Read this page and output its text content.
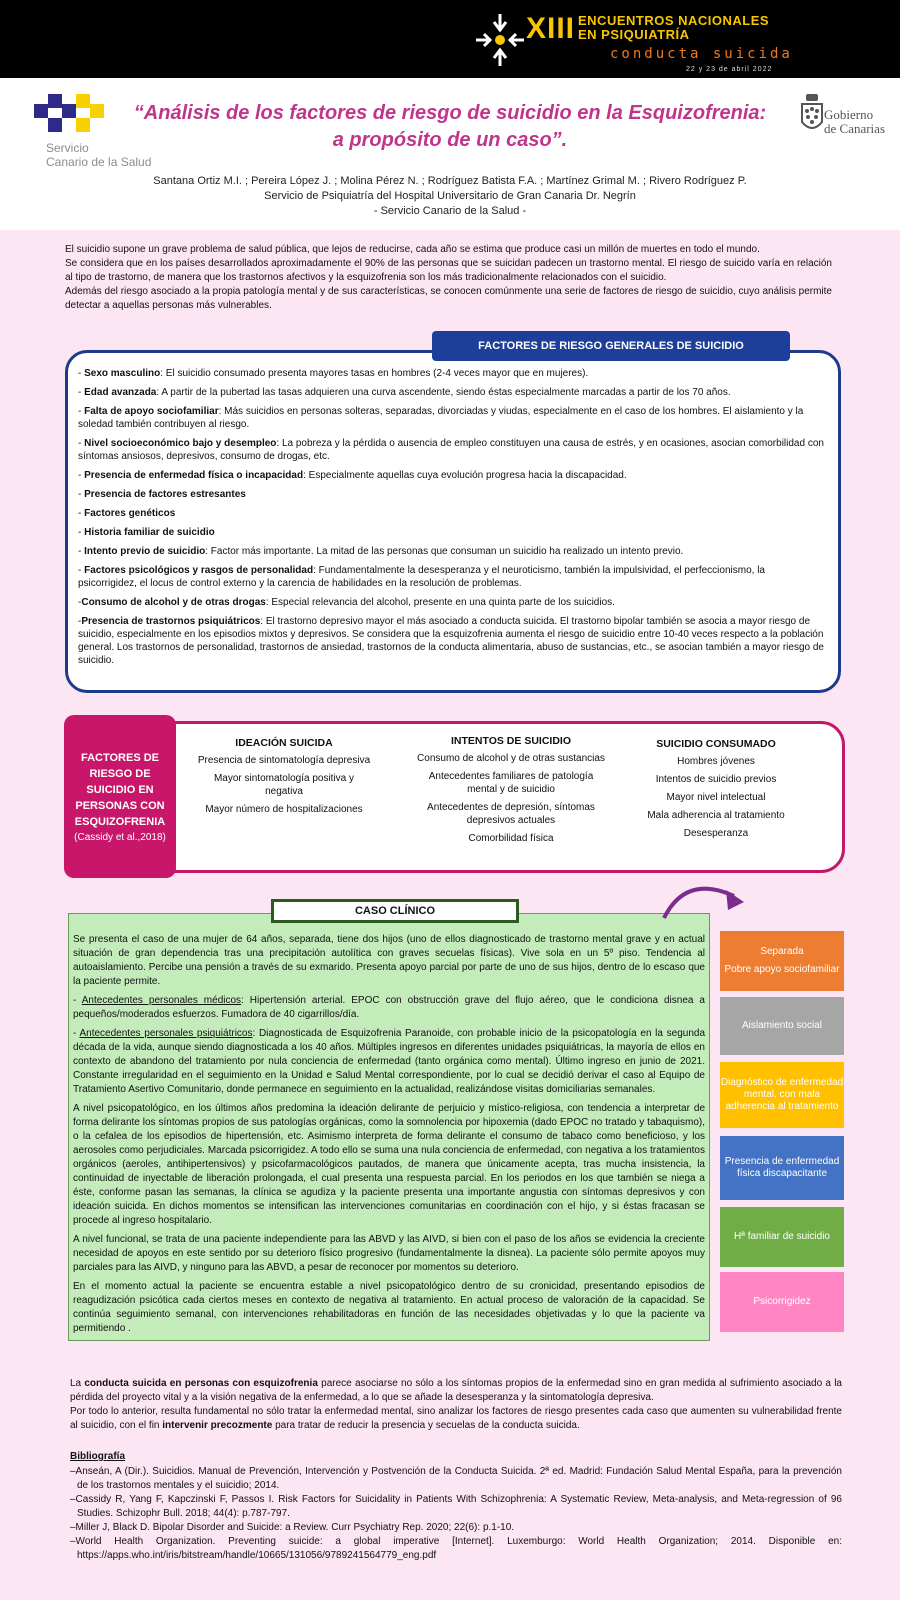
XIII ENCUENTROS NACIONALES
EN PSIQUIATRÍA
conducta suicida
22 y 23 de abril 2022
Servicio
Canario de la Salud
Gobierno
de Canarias
“Análisis de los factores de riesgo de suicidio en la Esquizofrenia:
a propósito de un caso”.
Santana Ortiz M.I. ; Pereira López J. ; Molina Pérez N. ; Rodríguez Batista F.A. ; Martínez Grimal M. ; Rivero Rodríguez P.
Servicio de Psiquiatría del Hospital Universitario de Gran Canaria Dr. Negrín
- Servicio Canario de la Salud -

El suicidio supone un grave problema de salud pública, que lejos de reducirse, cada año se estima que produce casi un millón de muertes en todo el mundo.

Se considera que en los países desarrollados aproximadamente el 90% de las personas que se suicidan padecen un trastorno mental. El riesgo de suicido varía en relación al tipo de trastorno, de manera que los trastornos afectivos y la esquizofrenia son los más tradicionalmente relacionados con el suicidio.

Además del riesgo asociado a la propia patología mental y de sus características, se conocen comúnmente una serie de factores de riesgo de suicidio, cuyo análisis permite detectar a aquellas personas más vulnerables.

FACTORES DE RIESGO GENERALES DE SUICIDIO
- Sexo masculino: El suicidio consumado presenta mayores tasas en hombres (2-4 veces mayor que en mujeres).
- Edad avanzada: A partir de la pubertad las tasas adquieren una curva ascendente, siendo éstas especialmente marcadas a partir de los 70 años.
- Falta de apoyo sociofamiliar: Más suicidios en personas solteras, separadas, divorciadas y viudas, especialmente en el caso de los hombres. El aislamiento y la soledad también contribuyen al riesgo.
- Nivel socioeconómico bajo y desempleo: La pobreza y la pérdida o ausencia de empleo constituyen una causa de estrés, y en ocasiones, asocian comorbilidad con síntomas ansiosos, depresivos, consumo de drogas, etc.
- Presencia de enfermedad física o incapacidad: Especialmente aquellas cuya evolución progresa hacia la discapacidad.
- Presencia de factores estresantes
- Factores genéticos
- Historia familiar de suicidio
- Intento previo de suicidio: Factor más importante. La mitad de las personas que consuman un suicidio ha realizado un intento previo.
- Factores psicológicos y rasgos de personalidad: Fundamentalmente la desesperanza y el neuroticismo, también la impulsividad, el perfeccionismo, la psicorrigidez, el locus de control externo y la carencia de habilidades en la resolución de problemas.
-Consumo de alcohol y de otras drogas: Especial relevancia del alcohol, presente en una quinta parte de los suicidios.
-Presencia de trastornos psiquiátricos: El trastorno depresivo mayor el más asociado a conducta suicida. El trastorno bipolar también se asocia a mayor riesgo de suicidio, especialmente en los episodios mixtos y depresivos. Se considera que la esquizofrenia aumenta el riesgo de suicidio entre 10-40 veces respecto a la población general. Los trastornos de personalidad, trastornos de ansiedad, trastornos de la conducta alimentaria, abuso de sustancias, etc., se asocian también a mayor riesgo de suicidio.
FACTORES DE RIESGO DE SUICIDIO EN PERSONAS CON ESQUIZOFRENIA
(Cassidy et al.,2018)
IDEACIÓN SUICIDA
Presencia de sintomatología depresiva
Mayor sintomatología positiva y negativa
Mayor número de hospitalizaciones
INTENTOS DE SUICIDIO
Consumo de alcohol y de otras sustancias
Antecedentes familiares de patología mental y de suicidio
Antecedentes de depresión, síntomas depresivos actuales
Comorbilidad física
SUICIDIO CONSUMADO
Hombres jóvenes
Intentos de suicidio previos
Mayor nivel intelectual
Mala adherencia al tratamiento
Desesperanza
CASO CLÍNICO

Se presenta el caso de una mujer de 64 años, separada, tiene dos hijos (uno de ellos diagnosticado de trastorno mental grave y en actual situación de gran dependencia tras una precipitación autolítica con graves secuelas físicas). Vive sola en un 5º piso. Tendencia al autoaislamiento. Percibe una pensión a través de su exmarido. Presenta apoyo parcial por parte de uno de sus hijos, dentro de lo escaso que la paciente permite.

- Antecedentes personales médicos: Hipertensión arterial. EPOC con obstrucción grave del flujo aéreo, que le condiciona disnea a pequeños/moderados esfuerzos. Fumadora de 40 cigarrillos/día.

- Antecedentes personales psiquiátricos: Diagnosticada de Esquizofrenia Paranoide, con probable inicio de la psicopatología en la segunda década de la vida, aunque siendo diagnosticada a los 40 años. Múltiples ingresos en diferentes unidades psiquiátricas, la mayoría de ellos en contexto de abandono del tratamiento por nula conciencia de enfermedad (tanto orgánica como mental). Último ingreso en junio de 2021. Constante irregularidad en el seguimiento en la Unidad e Salud Mental correspondiente, por lo cual se decidió derivar el caso al Equipo de Tratamiento Asertivo Comunitario, donde permanece en seguimiento en la actualidad, realizándose visitas domiciliarias semanales.

A nivel psicopatológico, en los últimos años predomina la ideación delirante de perjuicio y místico-religiosa, con tendencia a interpretar de forma delirante los síntomas propios de sus patologías orgánicas, como la somnolencia por hipoxemia (dado EPOC no tratado y tabaquismo), o la cefalea de los episodios de hipertensión, etc. Asimismo interpreta de forma delirante el consumo de tabaco como beneficioso, y los aerosoles como perjudiciales. Marcada psicorrigidez. A todo ello se suma una nula conciencia de enfermedad, con negativa a los tratamientos orgánicos (aeroles, antihipertensivos) y psicofarmacológicos pautados, de manera que únicamente acepta, tras mucha insistencia, la continuidad de inyectable de liberación prolongada, el cual presenta una respuesta parcial. En los periodos en los que también se niega a éste, conforme pasan las semanas, la clínica se agudiza y la paciente presenta una importante angustia con síntomas depresivos y con ideación suicida. En dichos momentos se intensifican las intervenciones comunitarias en coordinación con el hijo, y si éstas fracasan se procede al ingreso hospitalario.

A nivel funcional, se trata de una paciente independiente para las ABVD y las AIVD, si bien con el paso de los años se evidencia la creciente necesidad de apoyos en este sentido por su deterioro físico progresivo (fundamentalmente la disnea). La paciente sólo permite apoyos muy parciales para las AIVD, y ninguno para las ABVD, a pesar de reconocer por momentos su deterioro.

En el momento actual la paciente se encuentra estable a nivel psicopatológico dentro de su cronicidad, presentando episodios de reagudización psicótica cada ciertos meses en contexto de negativa al tratamiento. En actual proceso de valoración de la capacidad. Se continúa seguimiento semanal, con intervenciones rehabilitadoras en función de las necesidades objetivadas y lo que la paciente va permitiendo .

Separada
Pobre apoyo sociofamiliar
Aislamiento social
Diagnóstico de enfermedad mental, con mala adherencia al tratamiento
Presencia de enfermedad física discapacitante
Hª familiar de suicidio
Psicorrigidez

La conducta suicida en personas con esquizofrenia parece asociarse no sólo a los síntomas propios de la enfermedad sino en gran medida al sufrimiento asociado a la pérdida del proyecto vital y a la visión negativa de la enfermedad, a lo que se añade la desesperanza y la sintomatología depresiva.

Por todo lo anterior, resulta fundamental no sólo tratar la enfermedad mental, sino analizar los factores de riesgo presentes cada caso que aumenten su vulnerabilidad frente al suicidio, con el fin intervenir precozmente para tratar de reducir la presencia y secuelas de la conducta suicida.

Bibliografía
–Anseán, A (Dir.). Suicidios. Manual de Prevención, Intervención y Postvención de la Conducta Suicida. 2ª ed. Madrid: Fundación Salud Mental España, para la prevención de los trastornos mentales y el suicidio; 2014.
–Cassidy R, Yang F, Kapczinski F, Passos I. Risk Factors for Suicidality in Patients With Schizophrenia: A Systematic Review, Meta-analysis, and Meta-regression of 96 Studies. Schizophr Bull. 2018; 44(4): p.787-797.
–Miller J, Black D. Bipolar Disorder and Suicide: a Review. Curr Psychiatry Rep. 2020; 22(6): p.1-10.
–World Health Organization. Preventing suicide: a global imperative [Internet]. Luxemburgo: World Health Organization; 2014. Disponible en: https://apps.who.int/iris/bitstream/handle/10665/131056/9789241564779_eng.pdf
